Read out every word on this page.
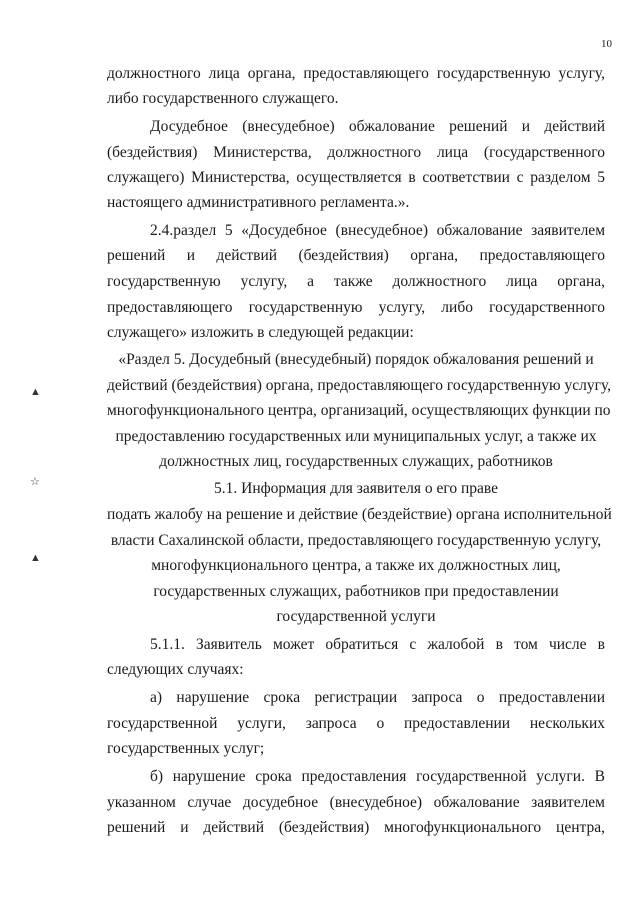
10
▲
☆
▲
должностного лица органа, предоставляющего государственную услугу,
либо государственного служащего.
Досудебное (внесудебное) обжалование решений и действий
(бездействия) Министерства, должностного лица (государственного
служащего) Министерства, осуществляется в соответствии с разделом 5
настоящего административного регламента.».
2.4.раздел 5 «Досудебное (внесудебное) обжалование заявителем
решений и действий (бездействия) органа, предоставляющего
государственную услугу, а также должностного лица органа,
предоставляющего государственную услугу, либо государственного
служащего» изложить в следующей редакции:
«Раздел 5. Досудебный (внесудебный) порядок обжалования решений и
действий (бездействия) органа, предоставляющего государственную услугу,
многофункционального центра, организаций, осуществляющих функции по
предоставлению государственных или муниципальных услуг, а также их
должностных лиц, государственных служащих, работников
5.1. Информация для заявителя о его праве
подать жалобу на решение и действие (бездействие) органа исполнительной
власти Сахалинской области, предоставляющего государственную услугу,
многофункционального центра, а также их должностных лиц,
государственных служащих, работников при предоставлении
государственной услуги
5.1.1. Заявитель может обратиться с жалобой в том числе в
следующих случаях:
а) нарушение срока регистрации запроса о предоставлении
государственной услуги, запроса о предоставлении нескольких
государственных услуг;
б) нарушение срока предоставления государственной услуги. В
указанном случае досудебное (внесудебное) обжалование заявителем
решений и действий (бездействия) многофункционального центра,
